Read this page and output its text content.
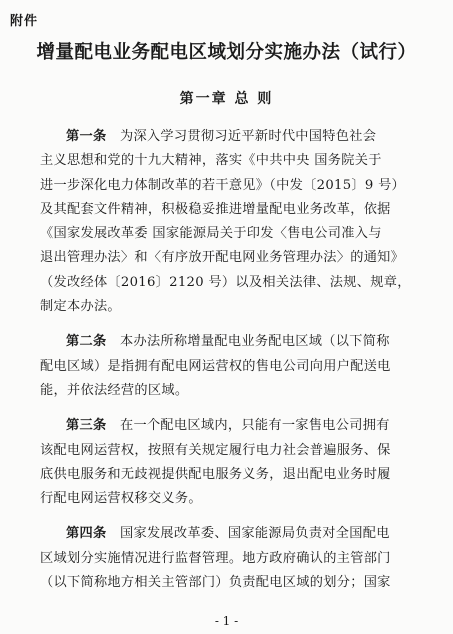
附件
增量配电业务配电区域划分实施办法（试行）
第一章 总 则
第一条  为深入学习贯彻习近平新时代中国特色社会
主义思想和党的十九大精神，落实《中共中央 国务院关于
进一步深化电力体制改革的若干意见》（中发〔2015〕9 号）
及其配套文件精神，积极稳妥推进增量配电业务改革，依据
《国家发展改革委 国家能源局关于印发〈售电公司准入与
退出管理办法〉和〈有序放开配电网业务管理办法〉的通知》
（发改经体〔2016〕2120 号）以及相关法律、法规、规章，
制定本办法。
第二条  本办法所称增量配电业务配电区域（以下简称
配电区域）是指拥有配电网运营权的售电公司向用户配送电
能，并依法经营的区域。
第三条  在一个配电区域内，只能有一家售电公司拥有
该配电网运营权，按照有关规定履行电力社会普遍服务、保
底供电服务和无歧视提供配电服务义务，退出配电业务时履
行配电网运营权移交义务。
第四条  国家发展改革委、国家能源局负责对全国配电
区域划分实施情况进行监督管理。地方政府确认的主管部门
（以下简称地方相关主管部门）负责配电区域的划分；国家
- 1 -
